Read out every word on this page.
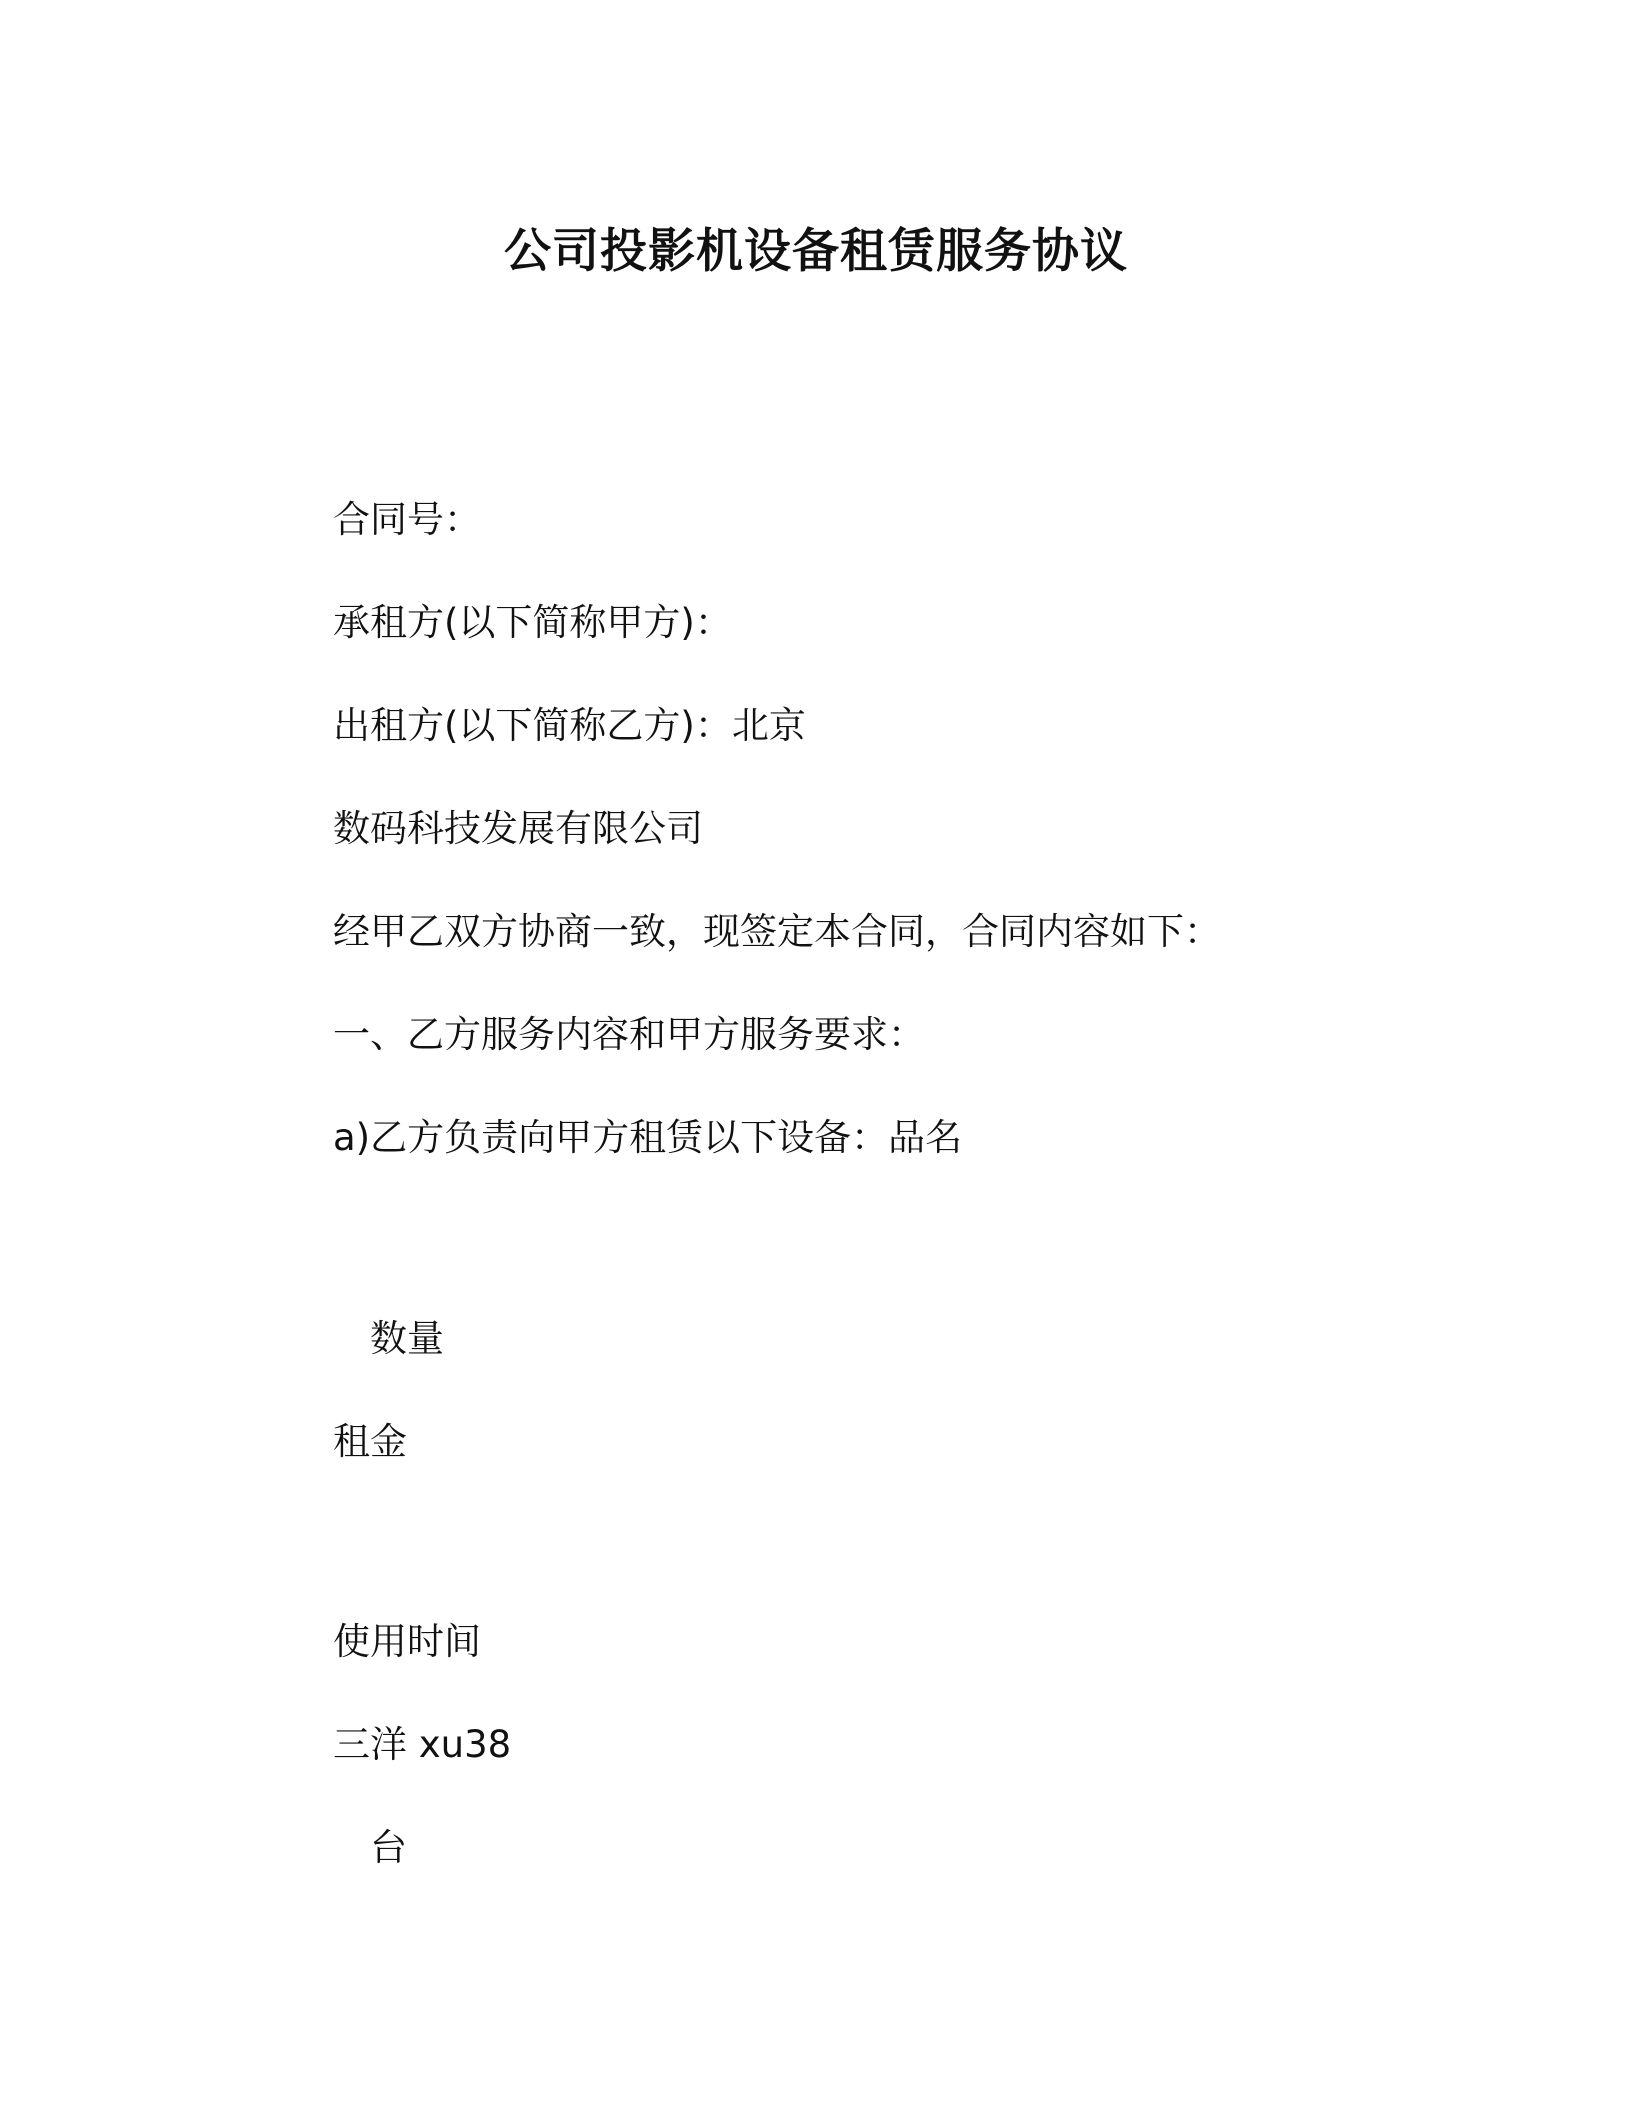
公司投影机设备租赁服务协议
合同号：
承租方(以下简称甲方)：
出租方(以下简称乙方)：北京
数码科技发展有限公司
经甲乙双方协商一致，现签定本合同，合同内容如下：
一、乙方服务内容和甲方服务要求：
a)乙方负责向甲方租赁以下设备：品名
数量
租金
使用时间
三洋 xu38
台
